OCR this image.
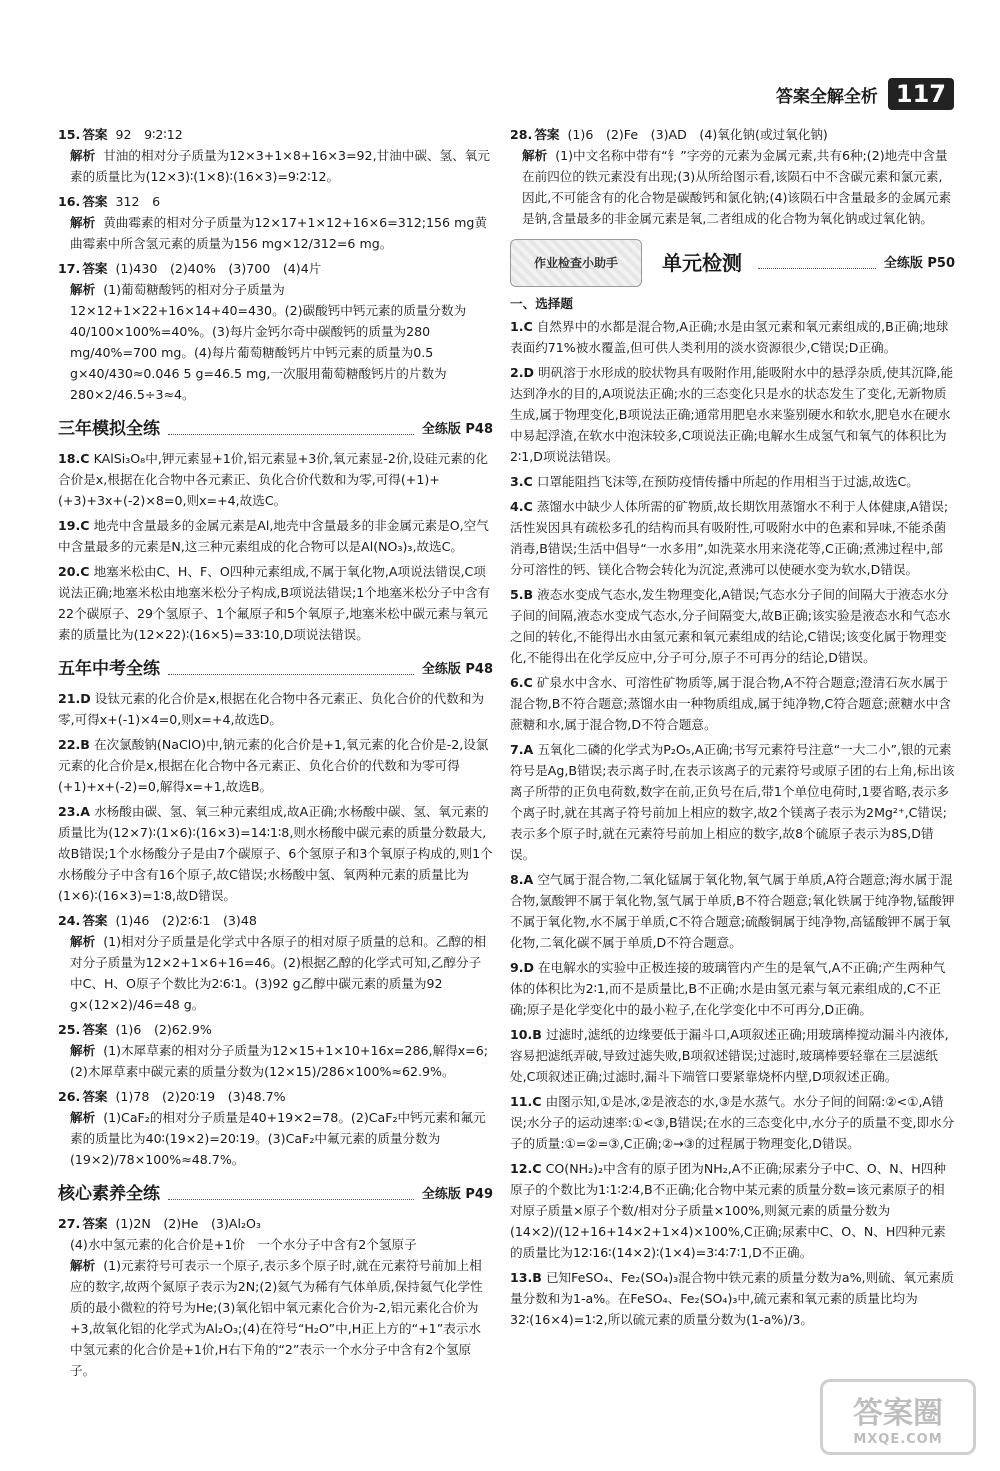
答案全解全析 117
15. 答案 92　9∶2∶12
解析 甘油的相对分子质量为12×3+1×8+16×3=92,甘油中碳、氢、氧元素的质量比为(12×3)∶(1×8)∶(16×3)=9∶2∶12。
16. 答案 312　6
解析 黄曲霉素的相对分子质量为12×17+1×12+16×6=312;156 mg黄曲霉素中所含氢元素的质量为156 mg×12/312=6 mg。
17. 答案 (1)430　(2)40%　(3)700　(4)4片
解析 (1)葡萄糖酸钙的相对分子质量为12×12+1×22+16×14+40=430。(2)碳酸钙中钙元素的质量分数为40/100×100%=40%。(3)每片金钙尔奇中碳酸钙的质量为280 mg/40%=700 mg。(4)每片葡萄糖酸钙片中钙元素的质量为0.5 g×40/430≈0.046 5 g=46.5 mg,一次服用葡萄糖酸钙片的片数为280×2/46.5÷3≈4。
三年模拟全练	全练版 P48
18.C KAlSi₃O₈中,钾元素显+1价,铝元素显+3价,氧元素显-2价,设硅元素的化合价是x,根据在化合物中各元素正、负化合价代数和为零,可得(+1)+(+3)+3x+(-2)×8=0,则x=+4,故选C。
19.C 地壳中含量最多的金属元素是Al,地壳中含量最多的非金属元素是O,空气中含量最多的元素是N,这三种元素组成的化合物可以是Al(NO₃)₃,故选C。
20.C 地塞米松由C、H、F、O四种元素组成,不属于氧化物,A项说法错误,C项说法正确;地塞米松由地塞米松分子构成,B项说法错误;1个地塞米松分子中含有22个碳原子、29个氢原子、1个氟原子和5个氧原子,地塞米松中碳元素与氧元素的质量比为(12×22)∶(16×5)=33∶10,D项说法错误。
五年中考全练	全练版 P48
21.D 设钛元素的化合价是x,根据在化合物中各元素正、负化合价的代数和为零,可得x+(-1)×4=0,则x=+4,故选D。
22.B 在次氯酸钠(NaClO)中,钠元素的化合价是+1,氧元素的化合价是-2,设氯元素的化合价是x,根据在化合物中各元素正、负化合价的代数和为零可得(+1)+x+(-2)=0,解得x=+1,故选B。
23.A 水杨酸由碳、氢、氧三种元素组成,故A正确;水杨酸中碳、氢、氧元素的质量比为(12×7)∶(1×6)∶(16×3)=14∶1∶8,则水杨酸中碳元素的质量分数最大,故B错误;1个水杨酸分子是由7个碳原子、6个氢原子和3个氧原子构成的,则1个水杨酸分子中含有16个原子,故C错误;水杨酸中氢、氧两种元素的质量比为(1×6)∶(16×3)=1∶8,故D错误。
24. 答案 (1)46　(2)2∶6∶1　(3)48
解析 (1)相对分子质量是化学式中各原子的相对原子质量的总和。乙醇的相对分子质量为12×2+1×6+16=46。(2)根据乙醇的化学式可知,乙醇分子中C、H、O原子个数比为2∶6∶1。(3)92 g乙醇中碳元素的质量为92 g×(12×2)/46=48 g。
25. 答案 (1)6　(2)62.9%
解析 (1)木犀草素的相对分子质量为12×15+1×10+16x=286,解得x=6;(2)木犀草素中碳元素的质量分数为(12×15)/286×100%≈62.9%。
26. 答案 (1)78　(2)20∶19　(3)48.7%
解析 (1)CaF₂的相对分子质量是40+19×2=78。(2)CaF₂中钙元素和氟元素的质量比为40∶(19×2)=20∶19。(3)CaF₂中氟元素的质量分数为(19×2)/78×100%≈48.7%。
核心素养全练	全练版 P49
27. 答案 (1)2N　(2)He　(3)Al₂O₃
(4)水中氢元素的化合价是+1价　一个水分子中含有2个氢原子
解析 (1)元素符号可表示一个原子,表示多个原子时,就在元素符号前加上相应的数字,故两个氮原子表示为2N;(2)氦气为稀有气体单质,保持氦气化学性质的最小微粒的符号为He;(3)氧化铝中氧元素化合价为-2,铝元素化合价为+3,故氧化铝的化学式为Al₂O₃;(4)在符号“H₂O”中,H正上方的“+1”表示水中氢元素的化合价是+1价,H右下角的“2”表示一个水分子中含有2个氢原子。
28. 答案 (1)6　(2)Fe　(3)AD　(4)氧化钠(或过氧化钠)
解析 (1)中文名称中带有“钅”字旁的元素为金属元素,共有6种;(2)地壳中含量在前四位的铁元素没有出现;(3)从所给图示看,该陨石中不含碳元素和氯元素,因此,不可能含有的化合物是碳酸钙和氯化钠;(4)该陨石中含量最多的金属元素是钠,含量最多的非金属元素是氧,二者组成的化合物为氧化钠或过氧化钠。
作业检查小助手	单元检测	全练版 P50
一、选择题
1.C 自然界中的水都是混合物,A正确;水是由氢元素和氧元素组成的,B正确;地球表面约71%被水覆盖,但可供人类利用的淡水资源很少,C错误;D正确。
2.D 明矾溶于水形成的胶状物具有吸附作用,能吸附水中的悬浮杂质,使其沉降,能达到净水的目的,A项说法正确;水的三态变化只是水的状态发生了变化,无新物质生成,属于物理变化,B项说法正确;通常用肥皂水来鉴别硬水和软水,肥皂水在硬水中易起浮渣,在软水中泡沫较多,C项说法正确;电解水生成氢气和氧气的体积比为2∶1,D项说法错误。
3.C 口罩能阻挡飞沫等,在预防疫情传播中所起的作用相当于过滤,故选C。
4.C 蒸馏水中缺少人体所需的矿物质,故长期饮用蒸馏水不利于人体健康,A错误;活性炭因具有疏松多孔的结构而具有吸附性,可吸附水中的色素和异味,不能杀菌消毒,B错误;生活中倡导“一水多用”,如洗菜水用来浇花等,C正确;煮沸过程中,部分可溶性的钙、镁化合物会转化为沉淀,煮沸可以使硬水变为软水,D错误。
5.B 液态水变成气态水,发生物理变化,A错误;气态水分子间的间隔大于液态水分子间的间隔,液态水变成气态水,分子间隔变大,故B正确;该实验是液态水和气态水之间的转化,不能得出水由氢元素和氧元素组成的结论,C错误;该变化属于物理变化,不能得出在化学反应中,分子可分,原子不可再分的结论,D错误。
6.C 矿泉水中含水、可溶性矿物质等,属于混合物,A不符合题意;澄清石灰水属于混合物,B不符合题意;蒸馏水由一种物质组成,属于纯净物,C符合题意;蔗糖水中含蔗糖和水,属于混合物,D不符合题意。
7.A 五氧化二磷的化学式为P₂O₅,A正确;书写元素符号注意“一大二小”,银的元素符号是Ag,B错误;表示离子时,在表示该离子的元素符号或原子团的右上角,标出该离子所带的正负电荷数,数字在前,正负号在后,带1个单位电荷时,1要省略,表示多个离子时,就在其离子符号前加上相应的数字,故2个镁离子表示为2Mg²⁺,C错误;表示多个原子时,就在元素符号前加上相应的数字,故8个硫原子表示为8S,D错误。
8.A 空气属于混合物,二氧化锰属于氧化物,氧气属于单质,A符合题意;海水属于混合物,氯酸钾不属于氧化物,氢气属于单质,B不符合题意;氧化铁属于纯净物,锰酸钾不属于氧化物,水不属于单质,C不符合题意;硫酸铜属于纯净物,高锰酸钾不属于氧化物,二氧化碳不属于单质,D不符合题意。
9.D 在电解水的实验中正极连接的玻璃管内产生的是氧气,A不正确;产生两种气体的体积比为2∶1,而不是质量比,B不正确;水是由氢元素与氧元素组成的,C不正确;原子是化学变化中的最小粒子,在化学变化中不可再分,D正确。
10.B 过滤时,滤纸的边缘要低于漏斗口,A项叙述正确;用玻璃棒搅动漏斗内液体,容易把滤纸弄破,导致过滤失败,B项叙述错误;过滤时,玻璃棒要轻靠在三层滤纸处,C项叙述正确;过滤时,漏斗下端管口要紧靠烧杯内壁,D项叙述正确。
11.C 由图示知,①是冰,②是液态的水,③是水蒸气。水分子间的间隔:②<①,A错误;水分子的运动速率:①<③,B错误;在水的三态变化中,水分子的质量不变,即水分子的质量:①=②=③,C正确;②→③的过程属于物理变化,D错误。
12.C CO(NH₂)₂中含有的原子团为NH₂,A不正确;尿素分子中C、O、N、H四种原子的个数比为1∶1∶2∶4,B不正确;化合物中某元素的质量分数=该元素原子的相对原子质量×原子个数/相对分子质量×100%,则氮元素的质量分数为(14×2)/(12+16+14×2+1×4)×100%,C正确;尿素中C、O、N、H四种元素的质量比为12∶16∶(14×2)∶(1×4)=3∶4∶7∶1,D不正确。
13.B 已知FeSO₄、Fe₂(SO₄)₃混合物中铁元素的质量分数为a%,则硫、氧元素质量分数和为1-a%。在FeSO₄、Fe₂(SO₄)₃中,硫元素和氧元素的质量比均为32∶(16×4)=1∶2,所以硫元素的质量分数为(1-a%)/3。
答案圈
MXQE.COM
